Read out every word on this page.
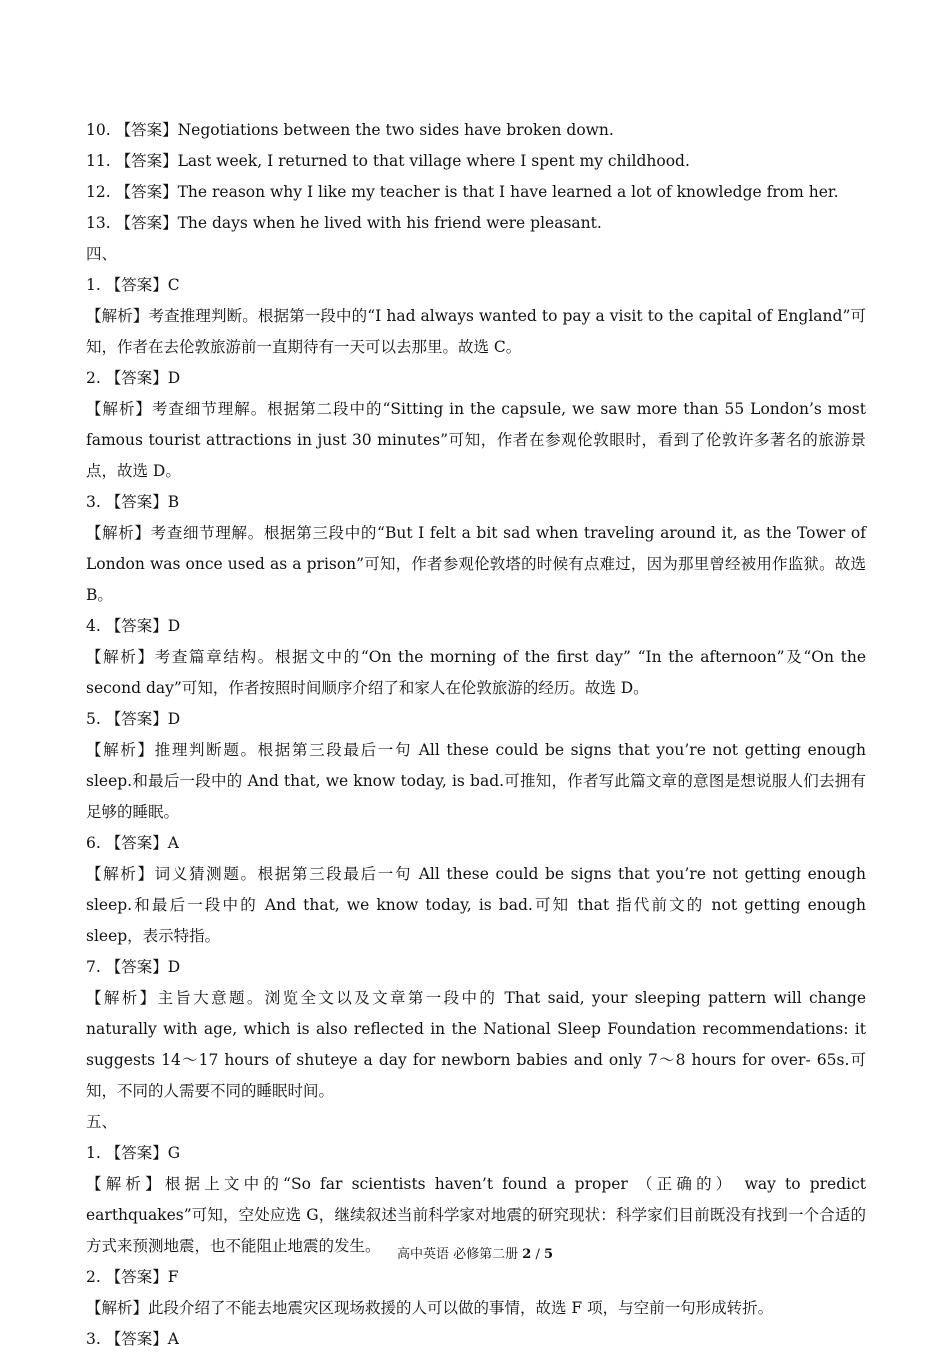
10. 【答案】Negotiations between the two sides have broken down.
11. 【答案】Last week, I returned to that village where I spent my childhood.
12. 【答案】The reason why I like my teacher is that I have learned a lot of knowledge from her.
13. 【答案】The days when he lived with his friend were pleasant.
四、
1. 【答案】C
【解析】考查推理判断。根据第一段中的“I had always wanted to pay a visit to the capital of England”可知，作者在去伦敦旅游前一直期待有一天可以去那里。故选 C。
2. 【答案】D
【解析】考查细节理解。根据第二段中的“Sitting in the capsule, we saw more than 55 London’s most famous tourist attractions in just 30 minutes”可知，作者在参观伦敦眼时，看到了伦敦许多著名的旅游景点，故选 D。
3. 【答案】B
【解析】考查细节理解。根据第三段中的“But I felt a bit sad when traveling around it, as the Tower of London was once used as a prison”可知，作者参观伦敦塔的时候有点难过，因为那里曾经被用作监狱。故选 B。
4. 【答案】D
【解析】考查篇章结构。根据文中的“On the morning of the first day” “In the afternoon”及“On the second day”可知，作者按照时间顺序介绍了和家人在伦敦旅游的经历。故选 D。
5. 【答案】D
【解析】推理判断题。根据第三段最后一句 All these could be signs that you’re not getting enough sleep.和最后一段中的 And that, we know today, is bad.可推知，作者写此篇文章的意图是想说服人们去拥有足够的睡眠。
6. 【答案】A
【解析】词义猜测题。根据第三段最后一句 All these could be signs that you’re not getting enough sleep.和最后一段中的 And that, we know today, is bad.可知 that 指代前文的 not getting enough sleep，表示特指。
7. 【答案】D
【解析】主旨大意题。浏览全文以及文章第一段中的 That said, your sleeping pattern will change naturally with age, which is also reflected in the National Sleep Foundation recommendations: it suggests 14～17 hours of shuteye a day for newborn babies and only 7～8 hours for over- 65s.可知，不同的人需要不同的睡眠时间。
五、
1. 【答案】G
【解析】根据上文中的“So far scientists haven’t found a proper （正确的） way to predict earthquakes”可知，空处应选 G，继续叙述当前科学家对地震的研究现状：科学家们目前既没有找到一个合适的方式来预测地震，也不能阻止地震的发生。
2. 【答案】F
【解析】此段介绍了不能去地震灾区现场救援的人可以做的事情，故选 F 项，与空前一句形成转折。
3. 【答案】A
高中英语 必修第二册 2 / 5
